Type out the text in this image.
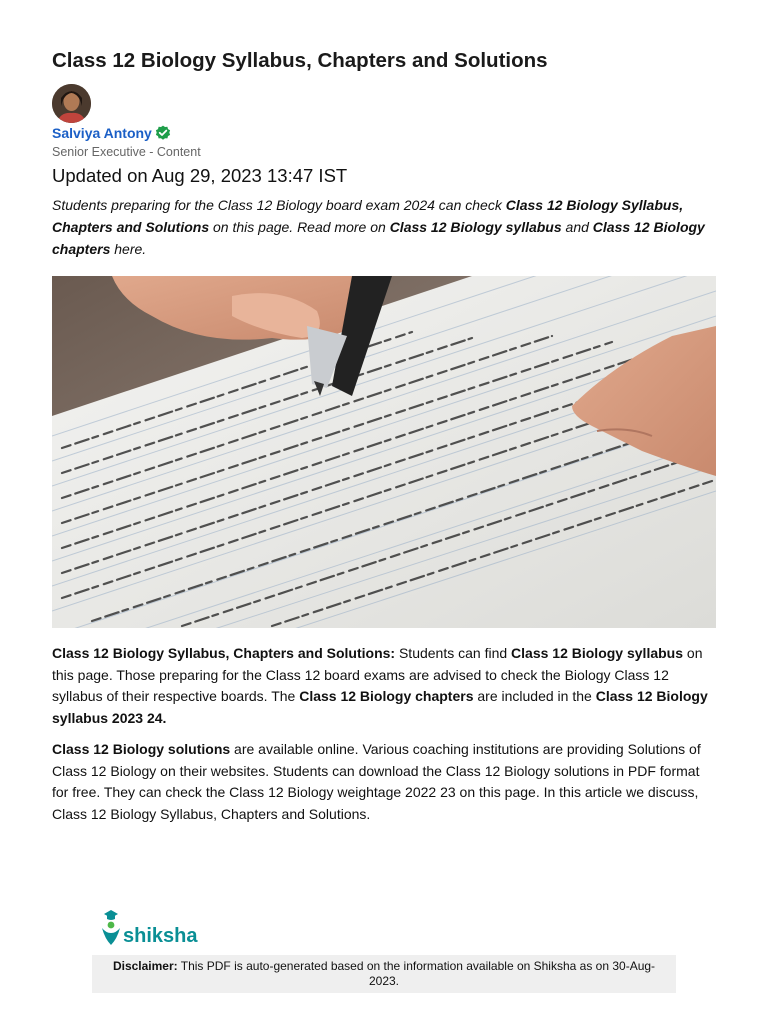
Class 12 Biology Syllabus, Chapters and Solutions
Salviya Antony
Senior Executive - Content
Updated on Aug 29, 2023 13:47 IST

Students preparing for the Class 12 Biology board exam 2024 can check Class 12 Biology Syllabus, Chapters and Solutions on this page. Read more on Class 12 Biology syllabus and Class 12 Biology chapters here.

Class 12 Biology Syllabus, Chapters and Solutions: Students can find Class 12 Biology syllabus on this page. Those preparing for the Class 12 board exams are advised to check the Biology Class 12 syllabus of their respective boards. The Class 12 Biology chapters are included in the Class 12 Biology syllabus 2023 24.

Class 12 Biology solutions are available online. Various coaching institutions are providing Solutions of Class 12 Biology on their websites. Students can download the Class 12 Biology solutions in PDF format for free. They can check the Class 12 Biology weightage 2022 23 on this page. In this article we discuss, Class 12 Biology Syllabus, Chapters and Solutions.

shiksha
Disclaimer: This PDF is auto-generated based on the information available on Shiksha as on 30-Aug-2023.
